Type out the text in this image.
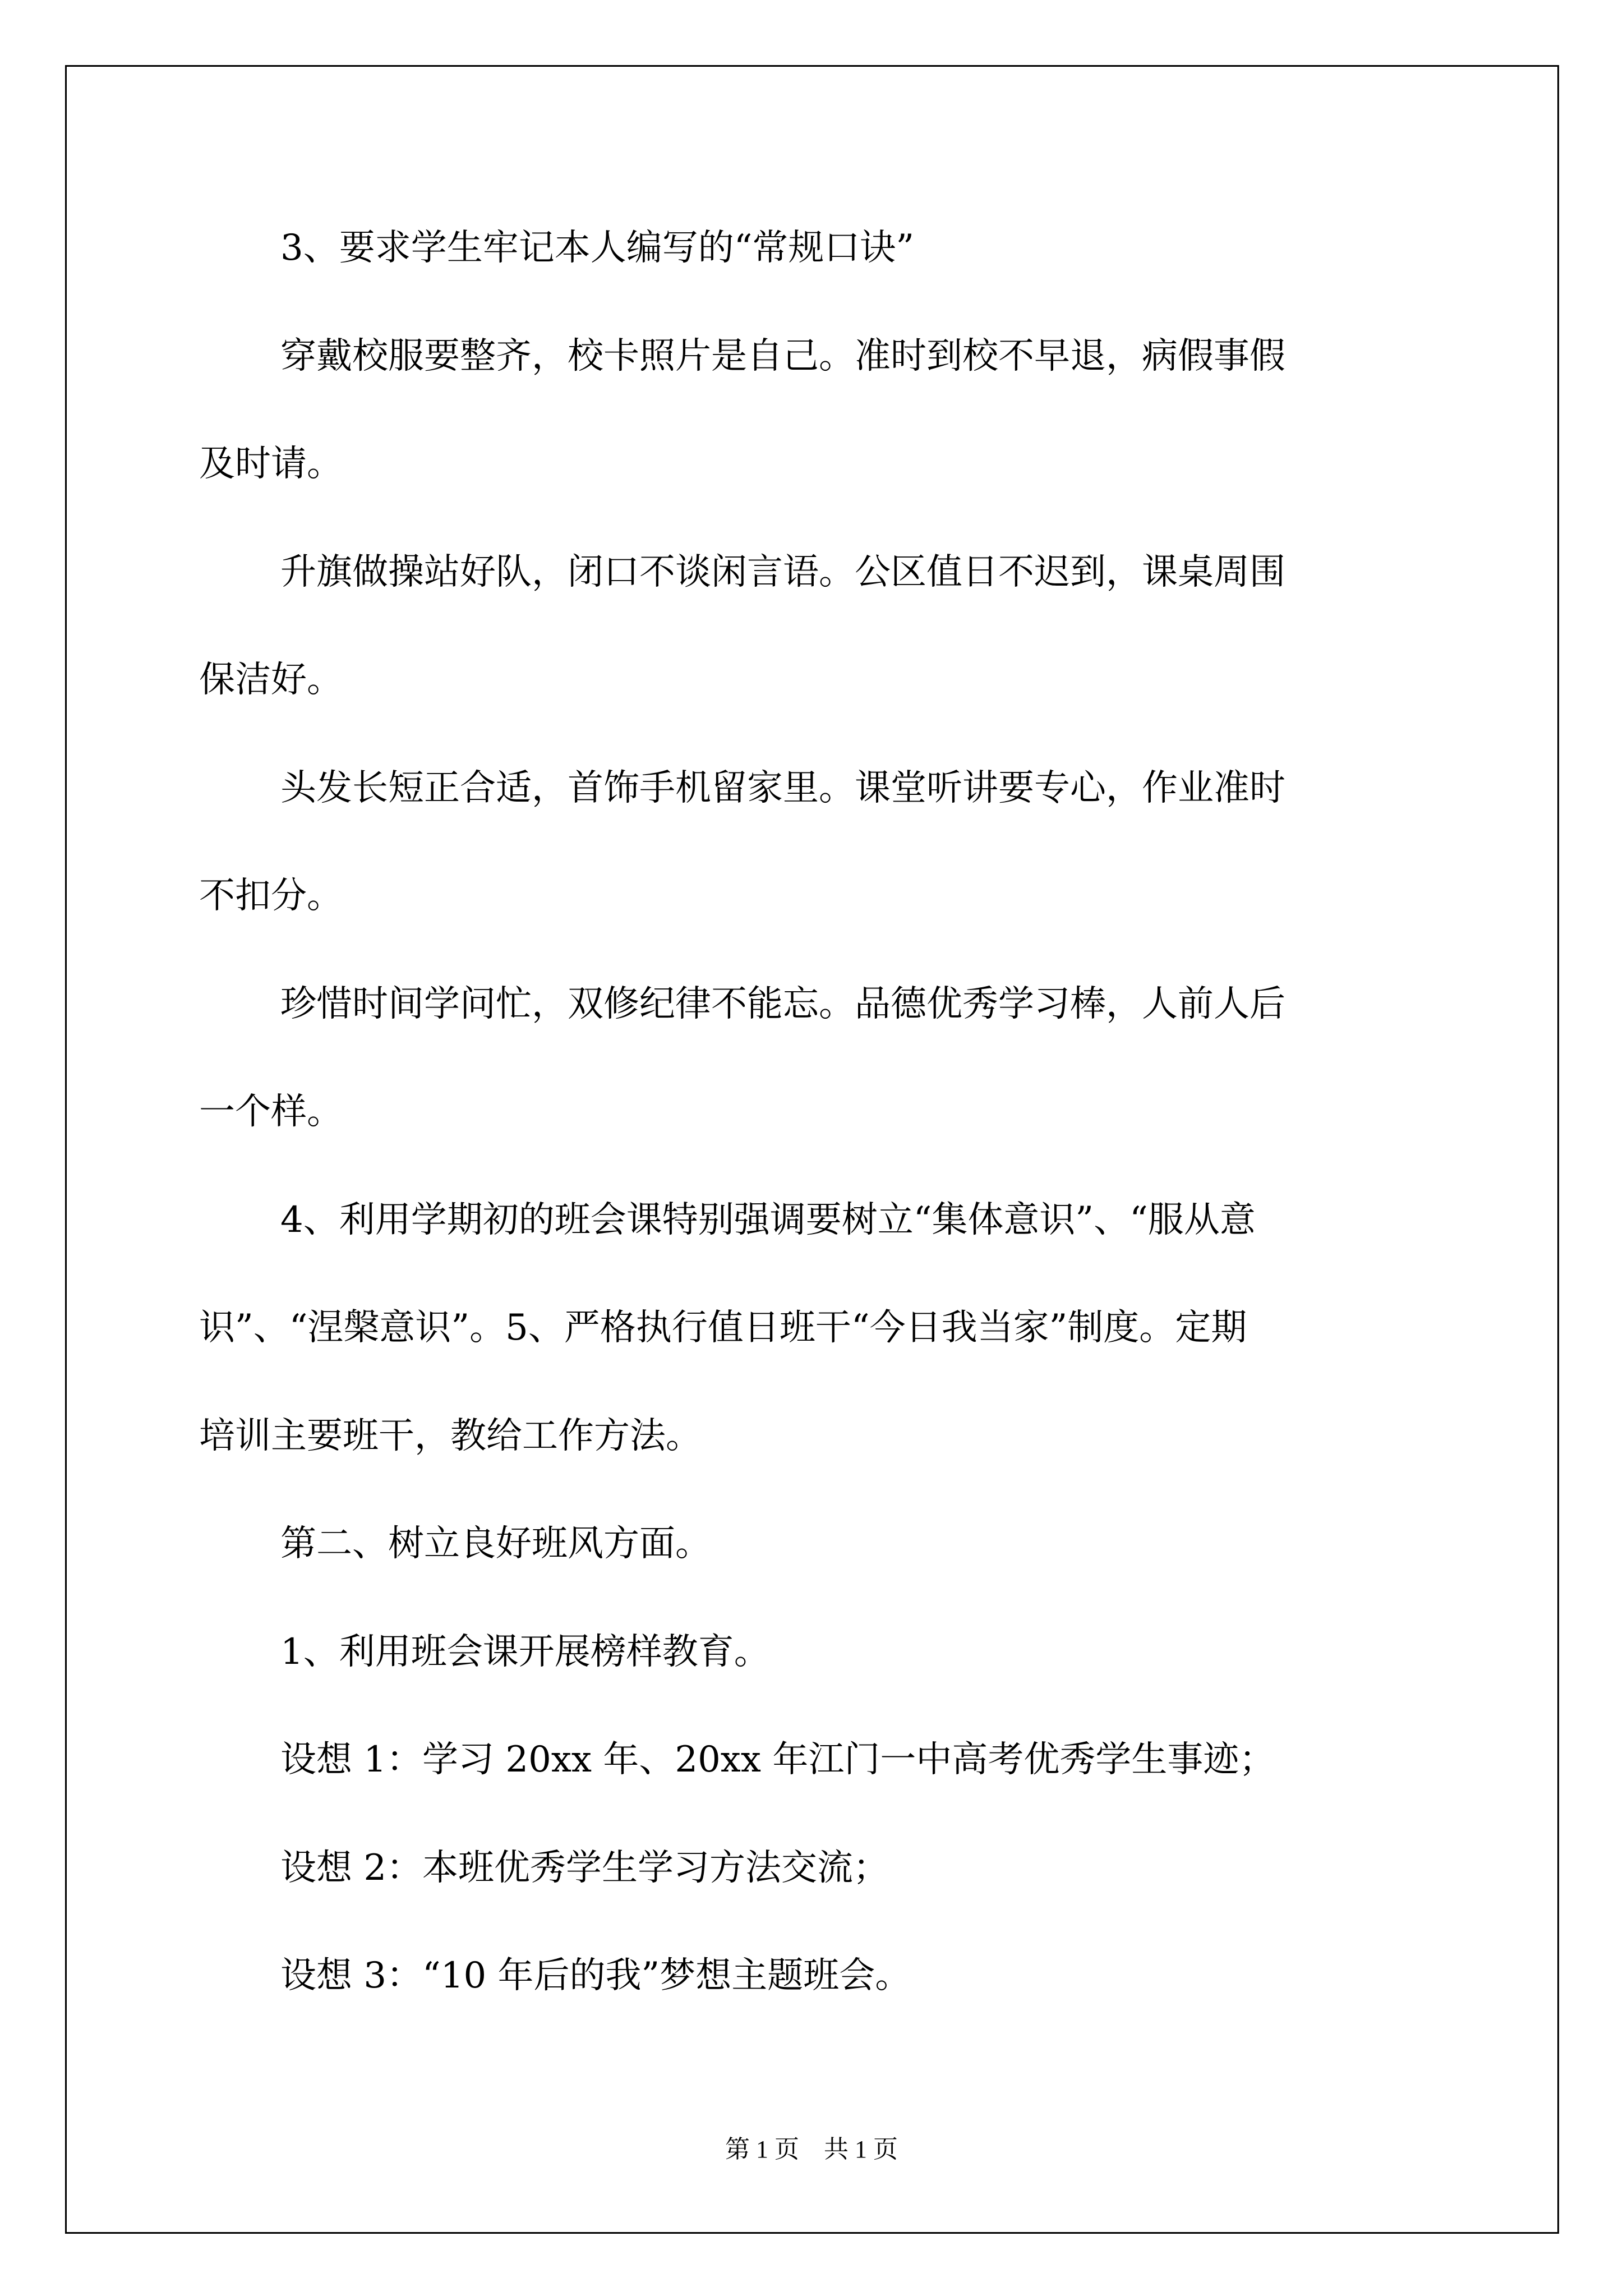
3、要求学生牢记本人编写的“常规口诀”

穿戴校服要整齐，校卡照片是自己。准时到校不早退，病假事假

及时请。

升旗做操站好队，闭口不谈闲言语。公区值日不迟到，课桌周围

保洁好。

头发长短正合适，首饰手机留家里。课堂听讲要专心，作业准时

不扣分。

珍惜时间学问忙，双修纪律不能忘。品德优秀学习棒，人前人后

一个样。

4、利用学期初的班会课特别强调要树立“集体意识”、“服从意

识”、“涅槃意识”。5、严格执行值日班干“今日我当家”制度。定期

培训主要班干，教给工作方法。

第二、树立良好班风方面。

1、利用班会课开展榜样教育。

设想 1：学习 20xx 年、20xx 年江门一中高考优秀学生事迹；

设想 2：本班优秀学生学习方法交流；

设想 3：“10 年后的我”梦想主题班会。

第 1 页　共 1 页
